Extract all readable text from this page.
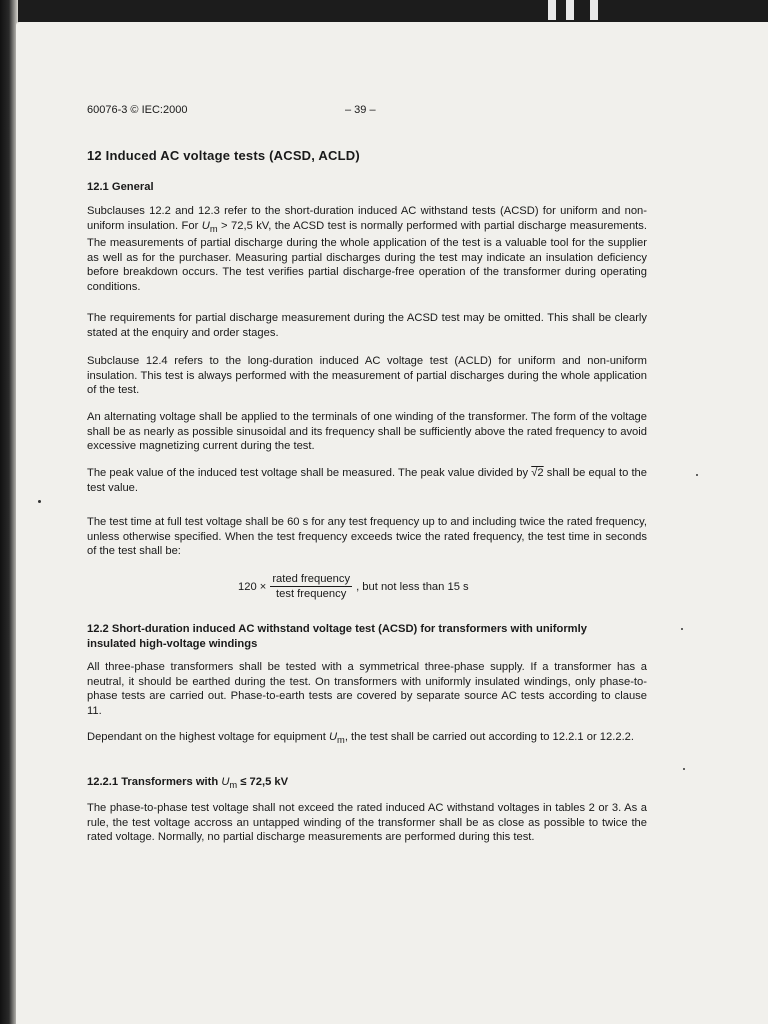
60076-3 © IEC:2000	– 39 –
12 Induced AC voltage tests (ACSD, ACLD)
12.1 General

Subclauses 12.2 and 12.3 refer to the short-duration induced AC withstand tests (ACSD) for uniform and non-uniform insulation. For $U_m > 72,5$ kV, the ACSD test is normally performed with partial discharge measurements. The measurements of partial discharge during the whole application of the test is a valuable tool for the supplier as well as for the purchaser. Measuring partial discharges during the test may indicate an insulation deficiency before breakdown occurs. The test verifies partial discharge-free operation of the transformer during operating conditions.

The requirements for partial discharge measurement during the ACSD test may be omitted. This shall be clearly stated at the enquiry and order stages.

Subclause 12.4 refers to the long-duration induced AC voltage test (ACLD) for uniform and non-uniform insulation. This test is always performed with the measurement of partial discharges during the whole application of the test.

An alternating voltage shall be applied to the terminals of one winding of the transformer. The form of the voltage shall be as nearly as possible sinusoidal and its frequency shall be sufficiently above the rated frequency to avoid excessive magnetizing current during the test.

The peak value of the induced test voltage shall be measured. The peak value divided by √2 shall be equal to the test value.

The test time at full test voltage shall be 60 s for any test frequency up to and including twice the rated frequency, unless otherwise specified. When the test frequency exceeds twice the rated frequency, the test time in seconds of the test shall be:

$120 \times \frac{\text{rated frequency}}{\text{test frequency}}$ , but not less than 15 s
12.2 Short-duration induced AC withstand voltage test (ACSD) for transformers with uniformly insulated high-voltage windings

All three-phase transformers shall be tested with a symmetrical three-phase supply. If a transformer has a neutral, it should be earthed during the test. On transformers with uniformly insulated windings, only phase-to-phase tests are carried out. Phase-to-earth tests are covered by separate source AC tests according to clause 11.

Dependant on the highest voltage for equipment $U_m$, the test shall be carried out according to 12.2.1 or 12.2.2.

12.2.1 Transformers with $U_m \le 72,5$ kV

The phase-to-phase test voltage shall not exceed the rated induced AC withstand voltages in tables 2 or 3. As a rule, the test voltage accross an untapped winding of the transformer shall be as close as possible to twice the rated voltage. Normally, no partial discharge measurements are performed during this test.
